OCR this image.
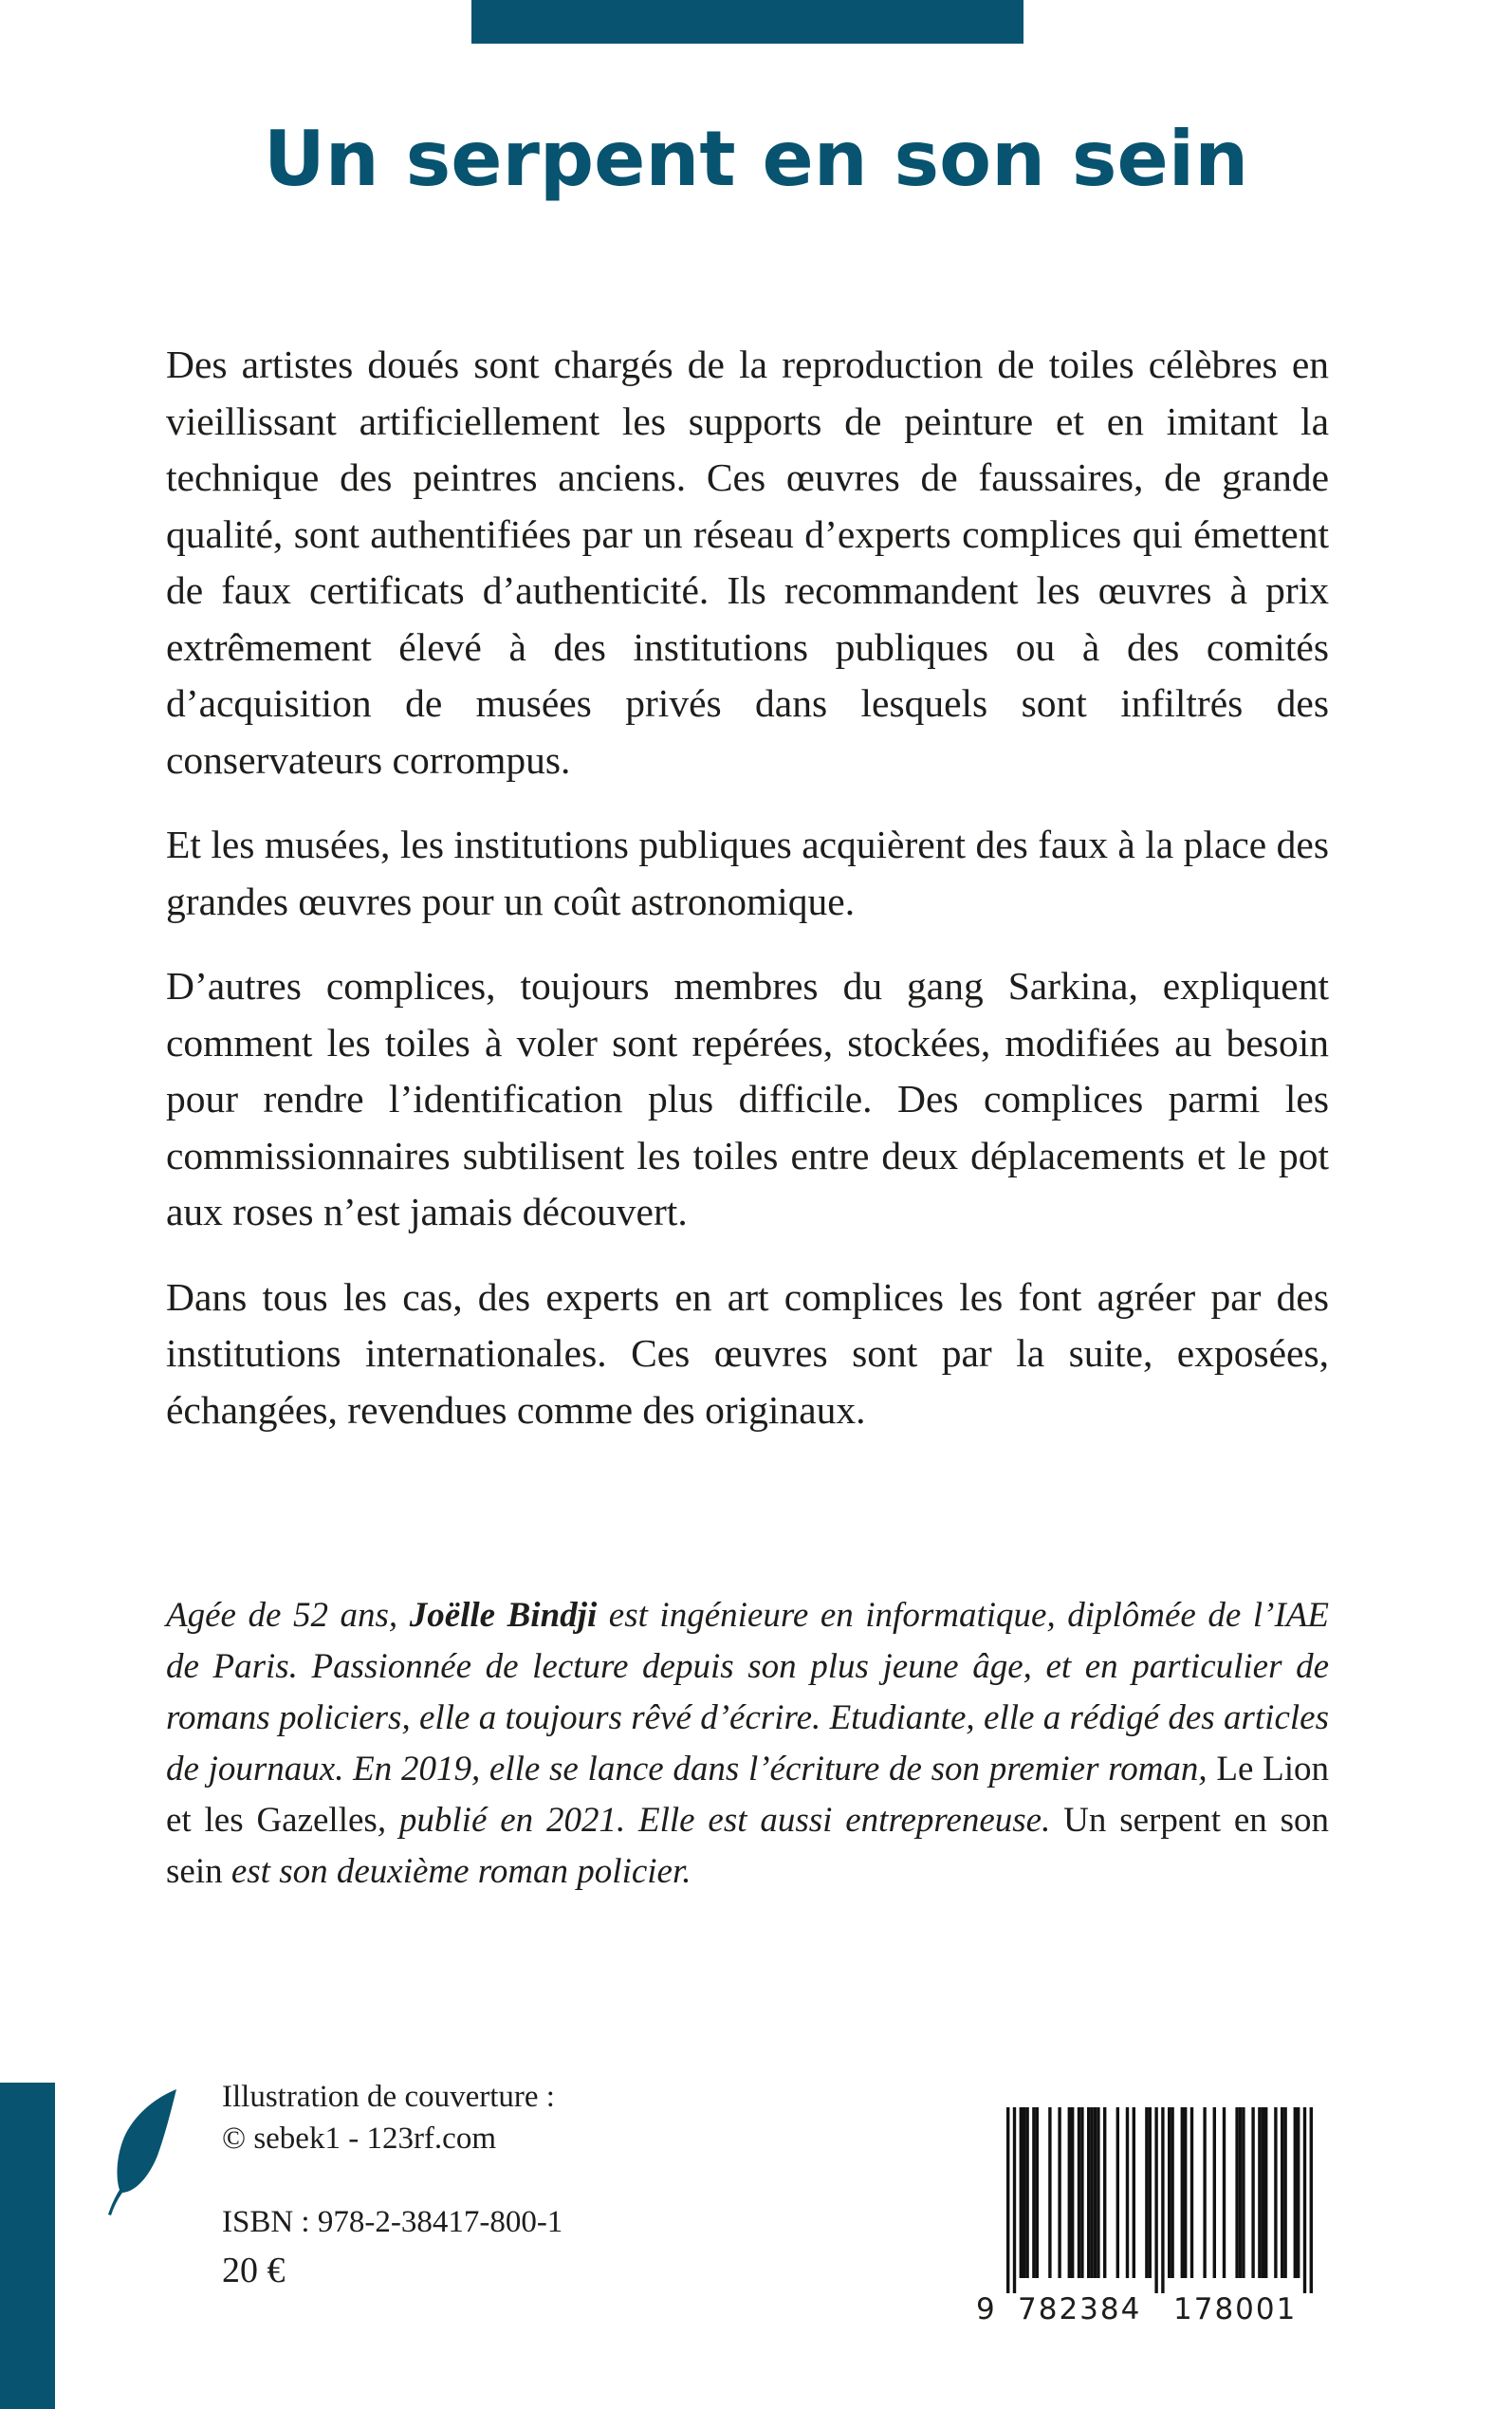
Un serpent en son sein

Des artistes doués sont chargés de la reproduction de toiles célèbres en vieillissant artificiellement les supports de peinture et en imitant la technique des peintres anciens. Ces œuvres de faussaires, de grande qualité, sont authentifiées par un réseau d’experts complices qui émettent de faux certificats d’authenticité. Ils recommandent les œuvres à prix extrêmement élevé à des institutions publiques ou à des comités d’acquisition de musées privés dans lesquels sont infiltrés des conservateurs corrompus.

Et les musées, les institutions publiques acquièrent des faux à la place des grandes œuvres pour un coût astronomique.

D’autres complices, toujours membres du gang Sarkina, expliquent comment les toiles à voler sont repérées, stockées, modifiées au besoin pour rendre l’identification plus difficile. Des complices parmi les commissionnaires subtilisent les toiles entre deux déplacements et le pot aux roses n’est jamais découvert.

Dans tous les cas, des experts en art complices les font agréer par des institutions internationales. Ces œuvres sont par la suite, exposées, échangées, revendues comme des originaux.

Agée de 52 ans, Joëlle Bindji est ingénieure en informatique, diplômée de l’IAE de Paris. Passionnée de lecture depuis son plus jeune âge, et en particulier de romans policiers, elle a toujours rêvé d’écrire. Etudiante, elle a rédigé des articles de journaux. En 2019, elle se lance dans l’écriture de son premier roman, Le Lion et les Gazelles, publié en 2021. Elle est aussi entrepreneuse. Un serpent en son sein est son deuxième roman policier.

Illustration de couverture :
© sebek1 - 123rf.com
ISBN : 978-2-38417-800-1
20 €
9 782384 178001
